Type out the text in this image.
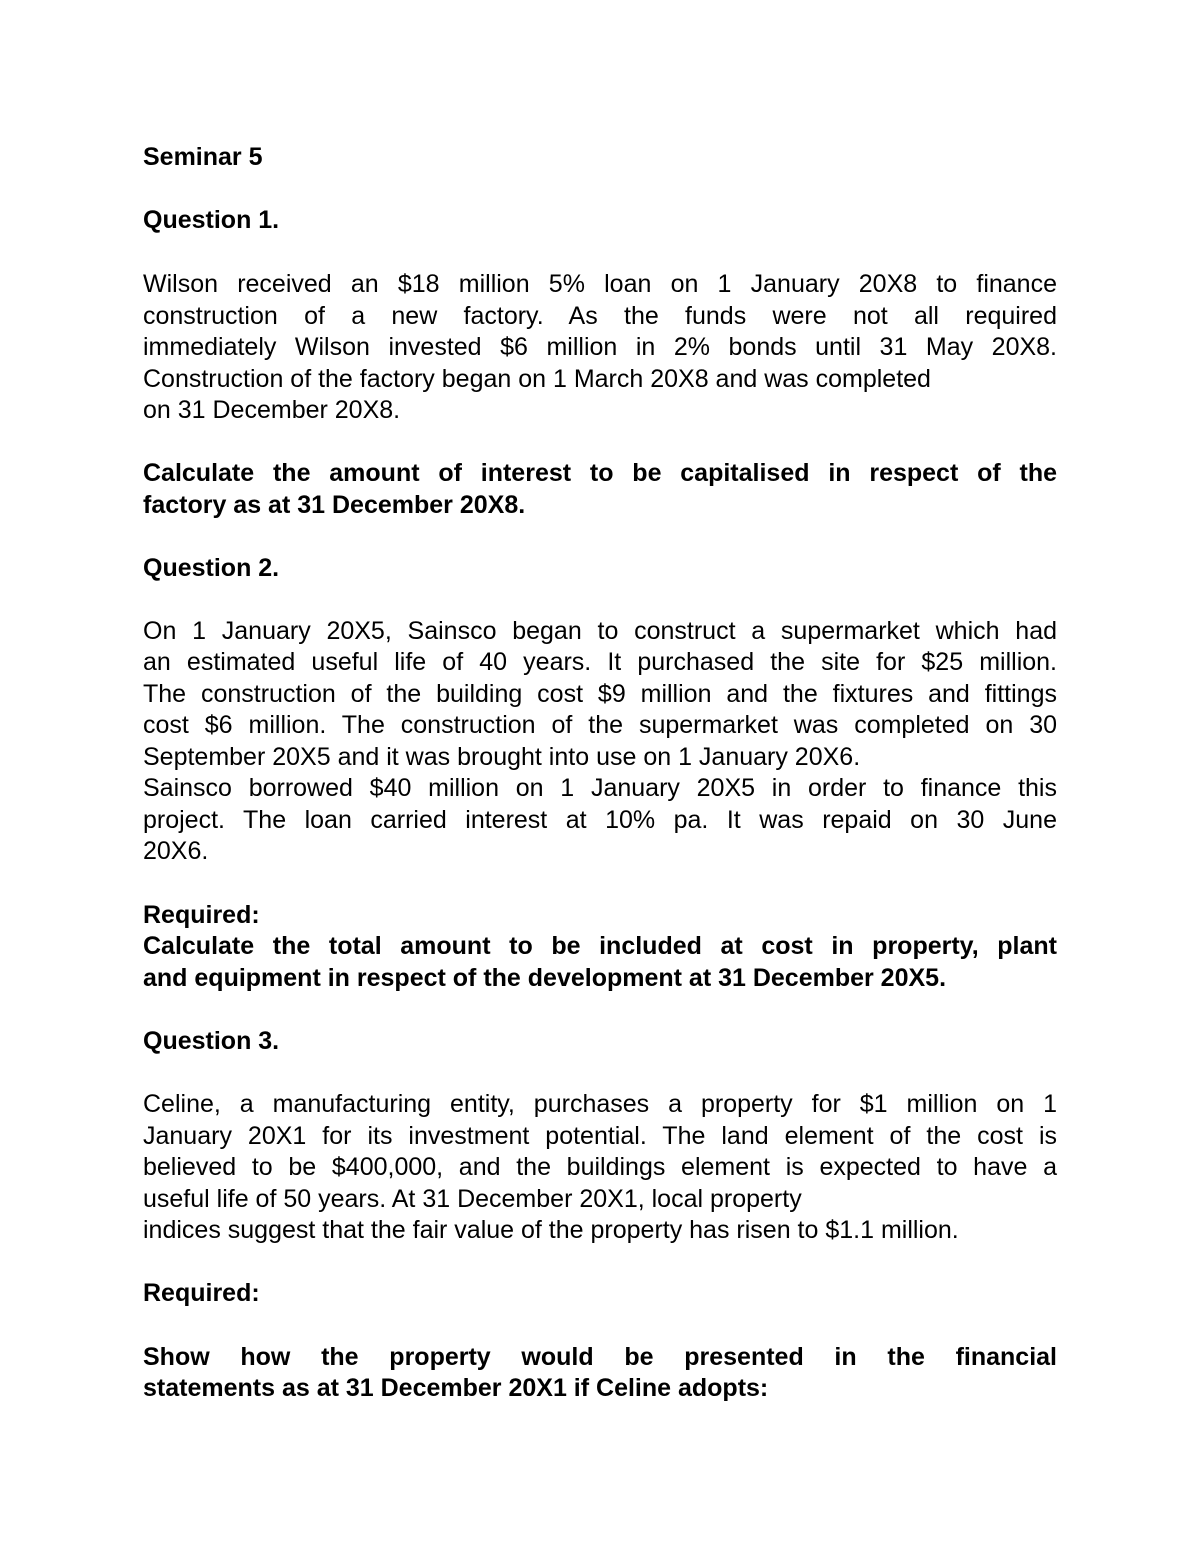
Seminar 5
Question 1.
Wilson received an $18 million 5% loan on 1 January 20X8 to finance
construction of a new factory. As the funds were not all required
immediately Wilson invested $6 million in 2% bonds until 31 May 20X8.
Construction of the factory began on 1 March 20X8 and was completed
on 31 December 20X8.
Calculate the amount of interest to be capitalised in respect of the
factory as at 31 December 20X8.
Question 2.
On 1 January 20X5, Sainsco began to construct a supermarket which had
an estimated useful life of 40 years. It purchased the site for $25 million.
The construction of the building cost $9 million and the fixtures and fittings
cost $6 million. The construction of the supermarket was completed on 30
September 20X5 and it was brought into use on 1 January 20X6.
Sainsco borrowed $40 million on 1 January 20X5 in order to finance this
project. The loan carried interest at 10% pa. It was repaid on 30 June
20X6.
Required:
Calculate the total amount to be included at cost in property, plant
and equipment in respect of the development at 31 December 20X5.
Question 3.
Celine, a manufacturing entity, purchases a property for $1 million on 1
January 20X1 for its investment potential. The land element of the cost is
believed to be $400,000, and the buildings element is expected to have a
useful life of 50 years. At 31 December 20X1, local property
indices suggest that the fair value of the property has risen to $1.1 million.
Required:
Show how the property would be presented in the financial
statements as at 31 December 20X1 if Celine adopts:
